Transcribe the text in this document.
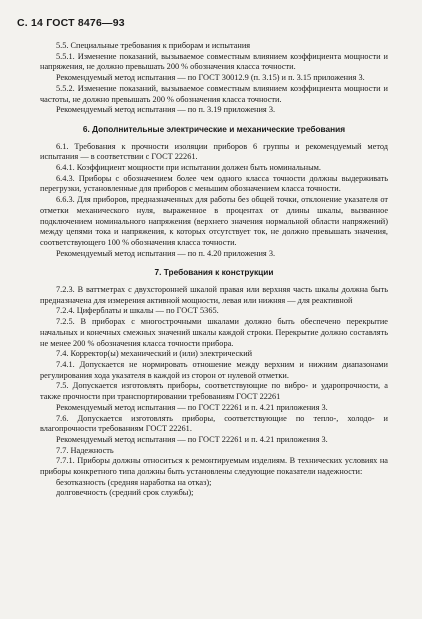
С. 14 ГОСТ 8476—93

5.5. Специальные требования к приборам и испытания

5.5.1. Изменение показаний, вызываемое совместным влиянием коэффициента мощности и напряжения, не должно превышать 200 % обозначения класса точности.

Рекомендуемый метод испытания — по ГОСТ 30012.9 (п. 3.15) и п. 3.15 приложения 3.

5.5.2. Изменение показаний, вызываемое совместным влиянием коэффициента мощности и частоты, не должно превышать 200 % обозначения класса точности.

Рекомендуемый метод испытания — по п. 3.19 приложения 3.

6. Дополнительные электрические и механические требования

6.1. Требования к прочности изоляции приборов 6 группы и рекомендуемый метод испытания — в соответствии с ГОСТ 22261.

6.4.1. Коэффициент мощности при испытании должен быть номинальным.

6.4.3. Приборы с обозначением более чем одного класса точности должны выдерживать перегрузки, установленные для приборов с меньшим обозначением класса точности.

6.6.3. Для приборов, предназначенных для работы без общей точки, отклонение указателя от отметки механического нуля, выраженное в процентах от длины шкалы, вызванное подключением номинального напряжения (верхнего значения нормальной области напряжений) между цепями тока и напряжения, к которых отсутствует ток, не должно превышать значения, соответствующего 100 % обозначения класса точности.

Рекомендуемый метод испытания — по п. 4.20 приложения 3.

7. Требования к конструкции

7.2.3. В ваттметрах с двухсторонней шкалой правая или верхняя часть шкалы должна быть предназначена для измерения активной мощности, левая или нижняя — для реактивной

7.2.4. Циферблаты и шкалы — по ГОСТ 5365.

7.2.5. В приборах с многострочными шкалами должно быть обеспечено перекрытие начальных и конечных смежных значений шкалы каждой строки. Перекрытие должно составлять не менее 200 % обозначения класса точности прибора.

7.4. Корректор(ы) механический и (или) электрический

7.4.1. Допускается не нормировать отношение между верхним и нижним диапазонами регулирования хода указателя в каждой из сторон от нулевой отметки.

7.5. Допускается изготовлять приборы, соответствующие по вибро- и ударопрочности, а также прочности при транспортировании требованиям ГОСТ 22261

Рекомендуемый метод испытания — по ГОСТ 22261 и п. 4.21 приложения 3.

7.6. Допускается изготовлять приборы, соответствующие по тепло-, холодо- и влагопрочности требованиям ГОСТ 22261.

Рекомендуемый метод испытания — по ГОСТ 22261 и п. 4.21 приложения 3.

7.7. Надежность

7.7.1. Приборы должны относиться к ремонтируемым изделиям. В технических условиях на приборы конкретного типа должны быть установлены следующие показатели надежности:

безотказность (средняя наработка на отказ);

долговечность (средний срок службы);
